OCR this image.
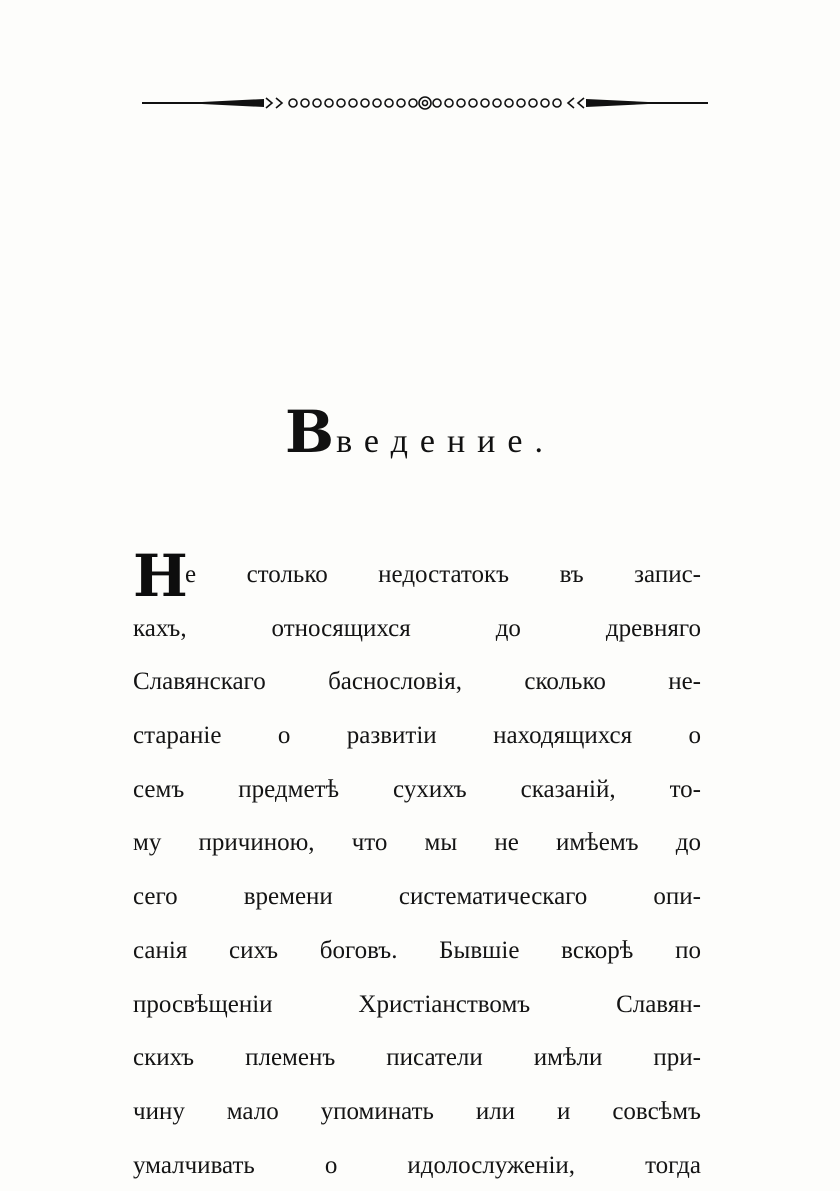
Введение.
Н
е столько недостатокъ въ запис-
кахъ, относящихся до древняго
Славянскаго баснословія, сколько не-
стараніе о развитіи находящихся о
семъ предметѣ сухихъ сказаній, то-
му причиною, что мы не имѣемъ до
сего времени систематическаго опи-
санія сихъ боговъ. Бывшіе вскорѣ по
просвѣщеніи Христіанствомъ Славян-
скихъ племенъ писатели имѣли при-
чину мало упоминать или и совсѣмъ
умалчивать о идолослуженіи, тогда
